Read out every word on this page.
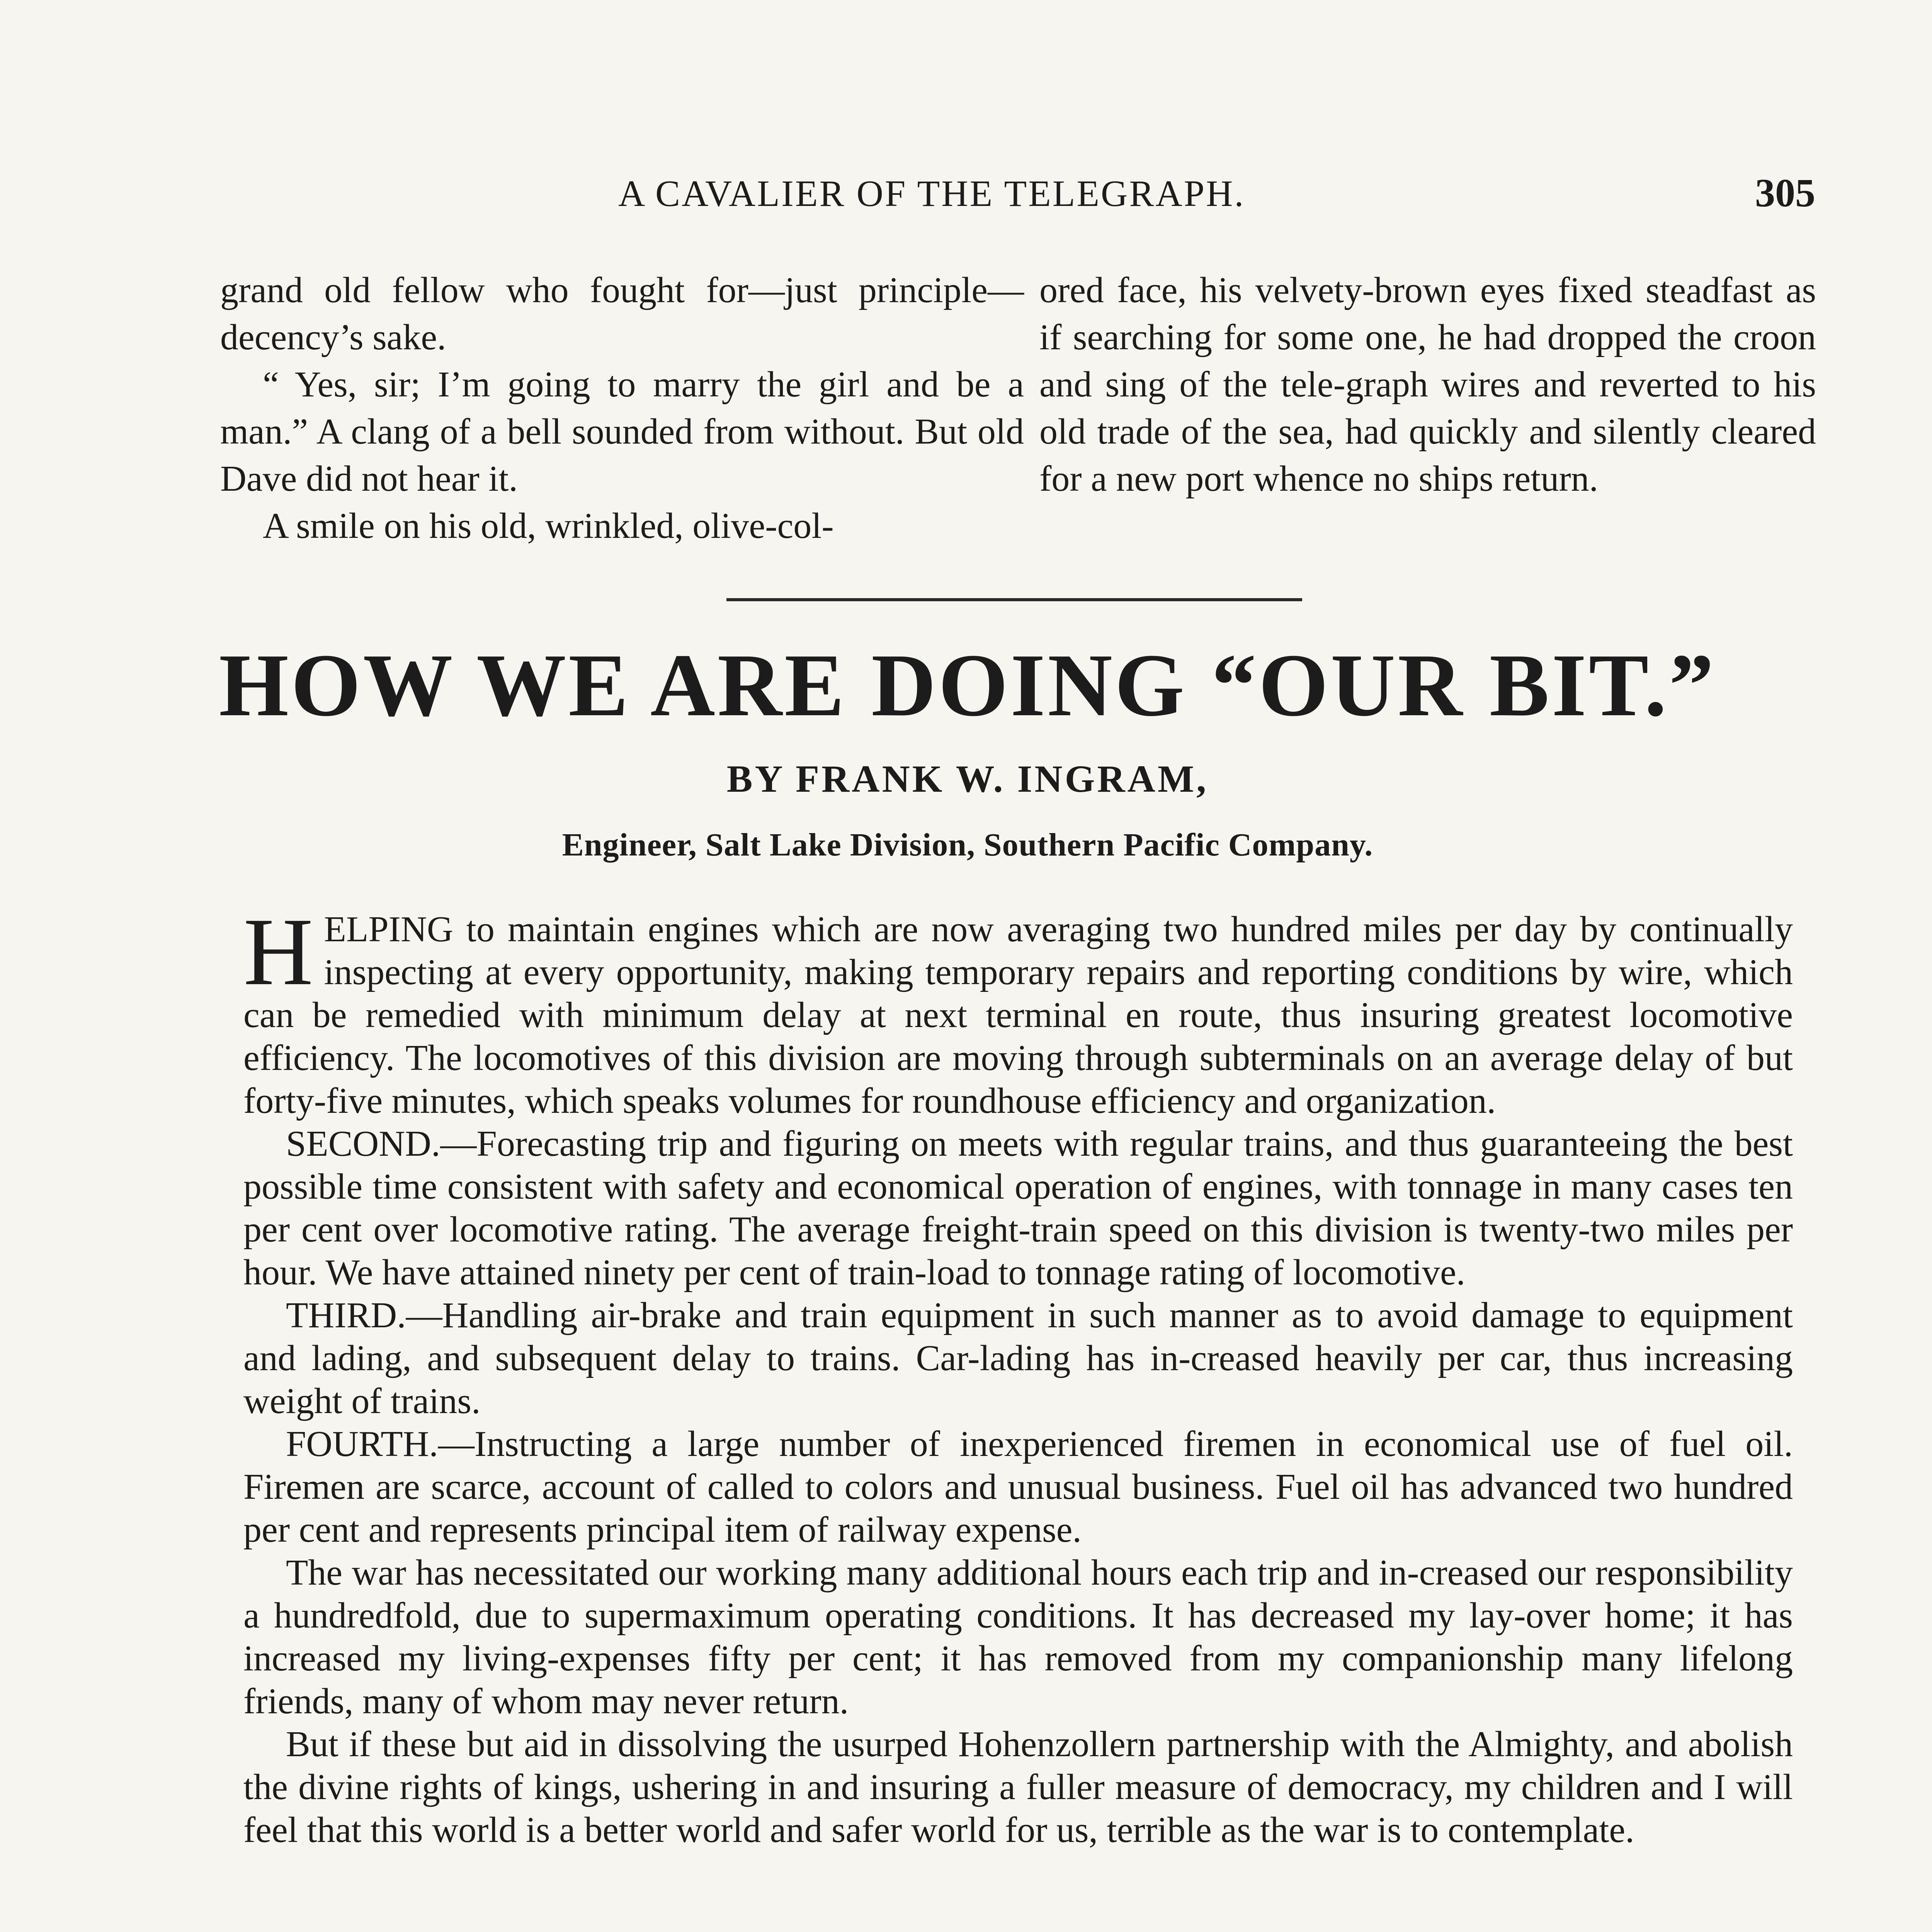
A CAVALIER OF THE TELEGRAPH.	305

grand old fellow who fought for—just principle—decency’s sake.

“ Yes, sir; I’m going to marry the girl and be a man.” A clang of a bell sounded from without. But old Dave did not hear it.

A smile on his old, wrinkled, olive-col-

ored face, his velvety-brown eyes fixed steadfast as if searching for some one, he had dropped the croon and sing of the tele-graph wires and reverted to his old trade of the sea, had quickly and silently cleared for a new port whence no ships return.

HOW WE ARE DOING “OUR BIT.”
BY FRANK W. INGRAM,
Engineer, Salt Lake Division, Southern Pacific Company.

HELPING to maintain engines which are now averaging two hundred miles per day by continually inspecting at every opportunity, making temporary repairs and reporting conditions by wire, which can be remedied with minimum delay at next terminal en route, thus insuring greatest locomotive efficiency. The locomotives of this division are moving through subterminals on an average delay of but forty-five minutes, which speaks volumes for roundhouse efficiency and organization.

SECOND.—Forecasting trip and figuring on meets with regular trains, and thus guaranteeing the best possible time consistent with safety and economical operation of engines, with tonnage in many cases ten per cent over locomotive rating. The average freight-train speed on this division is twenty-two miles per hour. We have attained ninety per cent of train-load to tonnage rating of locomotive.

THIRD.—Handling air-brake and train equipment in such manner as to avoid damage to equipment and lading, and subsequent delay to trains. Car-lading has in-creased heavily per car, thus increasing weight of trains.

FOURTH.—Instructing a large number of inexperienced firemen in economical use of fuel oil. Firemen are scarce, account of called to colors and unusual business. Fuel oil has advanced two hundred per cent and represents principal item of railway expense.

The war has necessitated our working many additional hours each trip and in-creased our responsibility a hundredfold, due to supermaximum operating conditions. It has decreased my lay-over home; it has increased my living-expenses fifty per cent; it has removed from my companionship many lifelong friends, many of whom may never return.

But if these but aid in dissolving the usurped Hohenzollern partnership with the Almighty, and abolish the divine rights of kings, ushering in and insuring a fuller measure of democracy, my children and I will feel that this world is a better world and safer world for us, terrible as the war is to contemplate.
